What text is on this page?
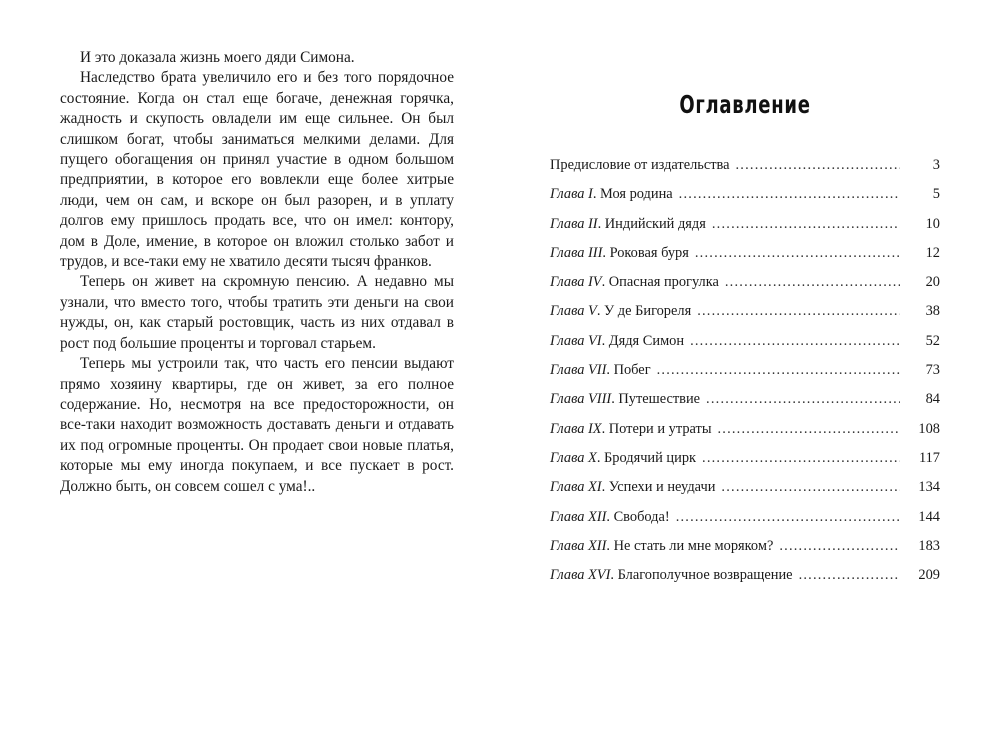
И это доказала жизнь моего дяди Симона.

Наследство брата увеличило его и без того порядочное состояние. Когда он стал еще богаче, денежная горячка, жадность и скупость овладели им еще сильнее. Он был слишком богат, чтобы заниматься мелкими делами. Для пущего обогащения он принял участие в одном большом предприятии, в которое его вовлекли еще более хитрые люди, чем он сам, и вскоре он был разорен, и в уплату долгов ему пришлось продать все, что он имел: контору, дом в Доле, имение, в которое он вложил столько забот и трудов, и все-таки ему не хватило десяти тысяч франков.

Теперь он живет на скромную пенсию. А недавно мы узнали, что вместо того, чтобы тратить эти деньги на свои нужды, он, как старый ростовщик, часть из них отдавал в рост под большие проценты и торговал старьем.

Теперь мы устроили так, что часть его пенсии выдают прямо хозяину квартиры, где он живет, за его полное содержание. Но, несмотря на все предосторожности, он все-таки находит возможность доставать деньги и отдавать их под огромные проценты. Он продает свои новые платья, которые мы ему иногда покупаем, и все пускает в рост. Должно быть, он совсем сошел с ума!..

Оглавление
Предисловие от издательства .....	3
Глава I . Моя родина .....	5
Глава II . Индийский дядя .....	10
Глава III . Роковая буря .....	12
Глава IV . Опасная прогулка .....	20
Глава V . У де Бигореля .....	38
Глава VI . Дядя Симон .....	52
Глава VII . Побег .....	73
Глава VIII . Путешествие .....	84
Глава IX . Потери и утраты .....	108
Глава X . Бродячий цирк .....	117
Глава XI . Успехи и неудачи .....	134
Глава XII . Свобода! .....	144
Глава XII . Не стать ли мне моряком? .....	183
Глава XVI . Благополучное возвращение .....	209
